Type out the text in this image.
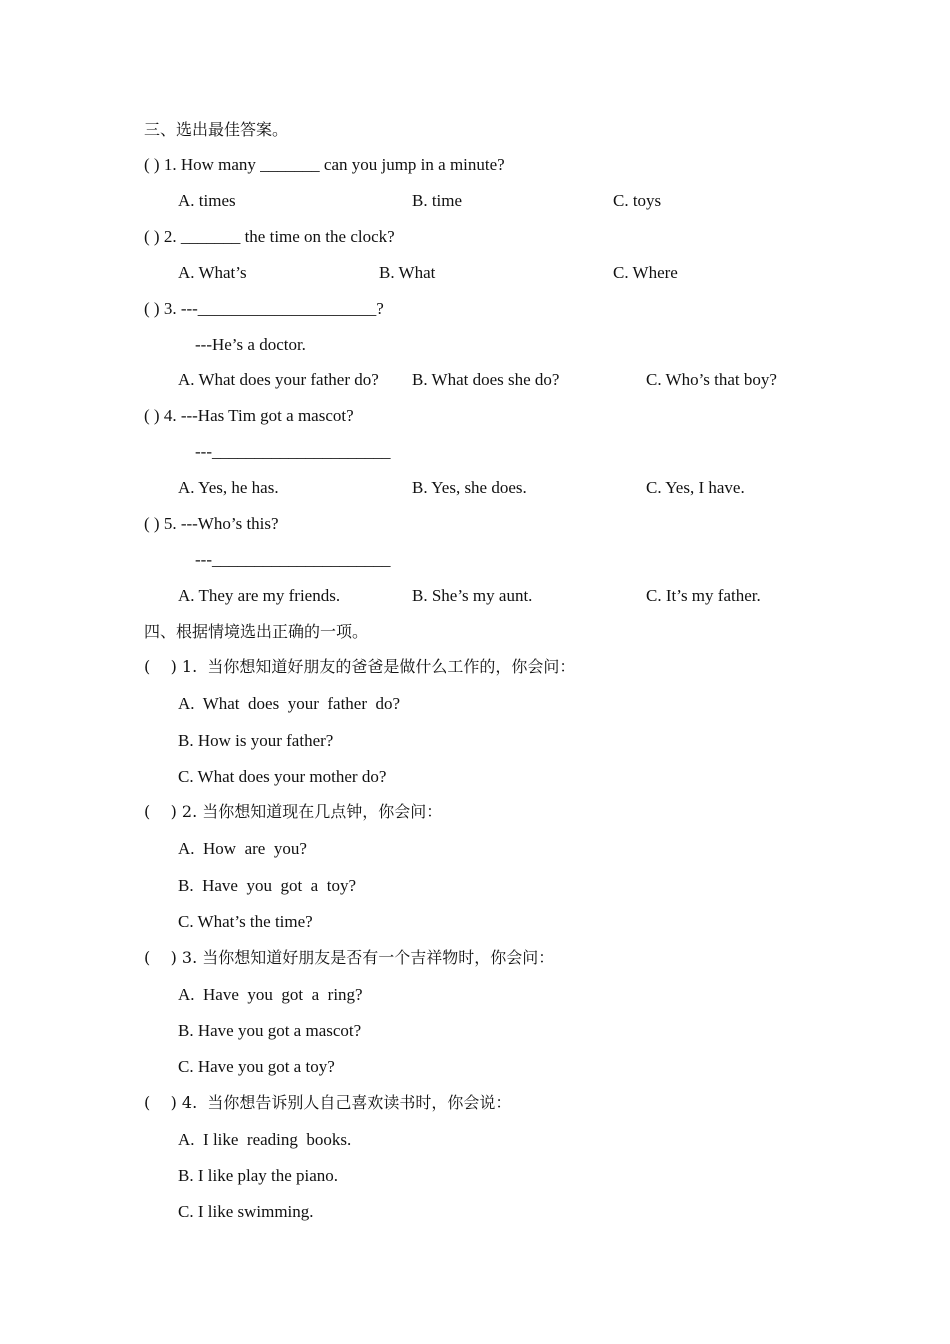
三、选出最佳答案。
( ) 1. How many _______ can you jump in a minute?
A. times	B. time	C. toys
( ) 2. _______ the time on the clock?
A. What’s	B. What	C. Where
( ) 3. ---_____________________?
---He’s a doctor.
A. What does your father do? B. What does she do?	C. Who’s that boy?
( ) 4. ---Has Tim got a mascot?
---_____________________
A. Yes, he has.	B. Yes, she does.	C. Yes, I have.
( ) 5. ---Who’s this?
---_____________________
A. They are my friends.	B. She’s my aunt.	C. It’s my father.
四、根据情境选出正确的一项。
(    ) 1.  当你想知道好朋友的爸爸是做什么工作的，你会问：
A.  What  does  your  father  do?
B. How is your father?
C. What does your mother do?
(    ) 2. 当你想知道现在几点钟，你会问：
A.  How  are  you?
B.  Have  you  got  a  toy?
C. What’s the time?
(    ) 3. 当你想知道好朋友是否有一个吉祥物时，你会问：
A.  Have  you  got  a  ring?
B. Have you got a mascot?
C. Have you got a toy?
(    ) 4.  当你想告诉别人自己喜欢读书时，你会说：
A.  I like  reading  books.
B. I like play the piano.
C. I like swimming.
